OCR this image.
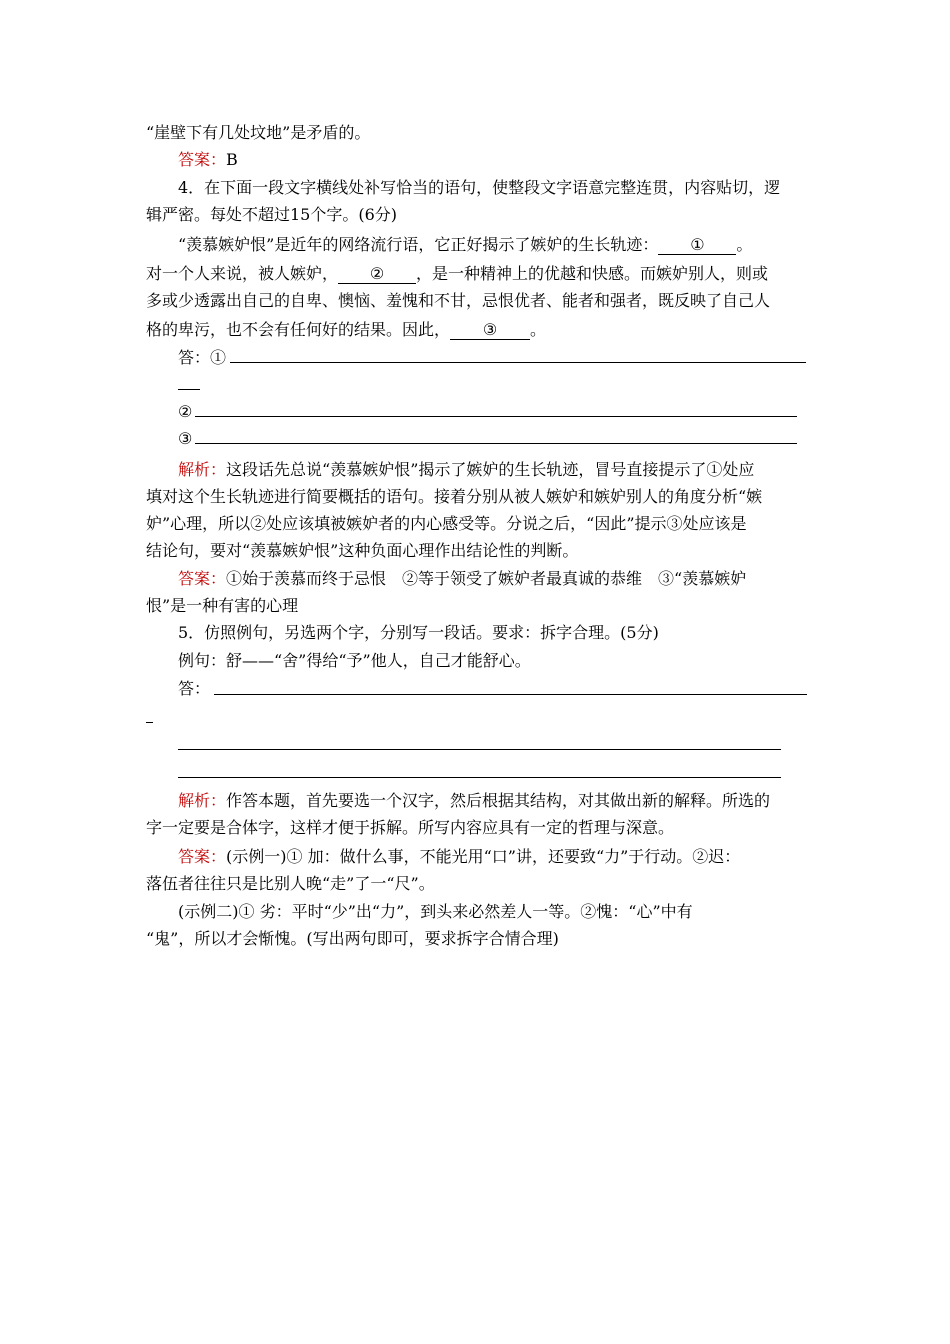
“崖壁下有几处坟地”是矛盾的。
答案：B
4．在下面一段文字横线处补写恰当的语句，使整段文字语意完整连贯，内容贴切，逻
辑严密。每处不超过15个字。(6分)
“羡慕嫉妒恨”是近年的网络流行语，它正好揭示了嫉妒的生长轨迹： ① 。
对一个人来说，被人嫉妒， ② ，是一种精神上的优越和快感。而嫉妒别人，则或
多或少透露出自己的自卑、懊恼、羞愧和不甘，忌恨优者、能者和强者，既反映了自己人
格的卑污，也不会有任何好的结果。因此， ③ 。
答：①
②
③
解析：这段话先总说“羡慕嫉妒恨”揭示了嫉妒的生长轨迹，冒号直接提示了①处应
填对这个生长轨迹进行简要概括的语句。接着分别从被人嫉妒和嫉妒别人的角度分析“嫉
妒”心理，所以②处应该填被嫉妒者的内心感受等。分说之后，“因此”提示③处应该是
结论句，要对“羡慕嫉妒恨”这种负面心理作出结论性的判断。
答案：①始于羡慕而终于忌恨　②等于领受了嫉妒者最真诚的恭维　③“羡慕嫉妒
恨”是一种有害的心理
5．仿照例句，另选两个字，分别写一段话。要求：拆字合理。(5分)
例句：舒——“舍”得给“予”他人，自己才能舒心。
答：
解析：作答本题，首先要选一个汉字，然后根据其结构，对其做出新的解释。所选的
字一定要是合体字，这样才便于拆解。所写内容应具有一定的哲理与深意。
答案：(示例一)① 加：做什么事，不能光用“口”讲，还要致“力”于行动。②迟：
落伍者往往只是比别人晚“走”了一“尺”。
(示例二)① 劣：平时“少”出“力”，到头来必然差人一等。②愧：“心”中有
“鬼”，所以才会惭愧。(写出两句即可，要求拆字合情合理)
